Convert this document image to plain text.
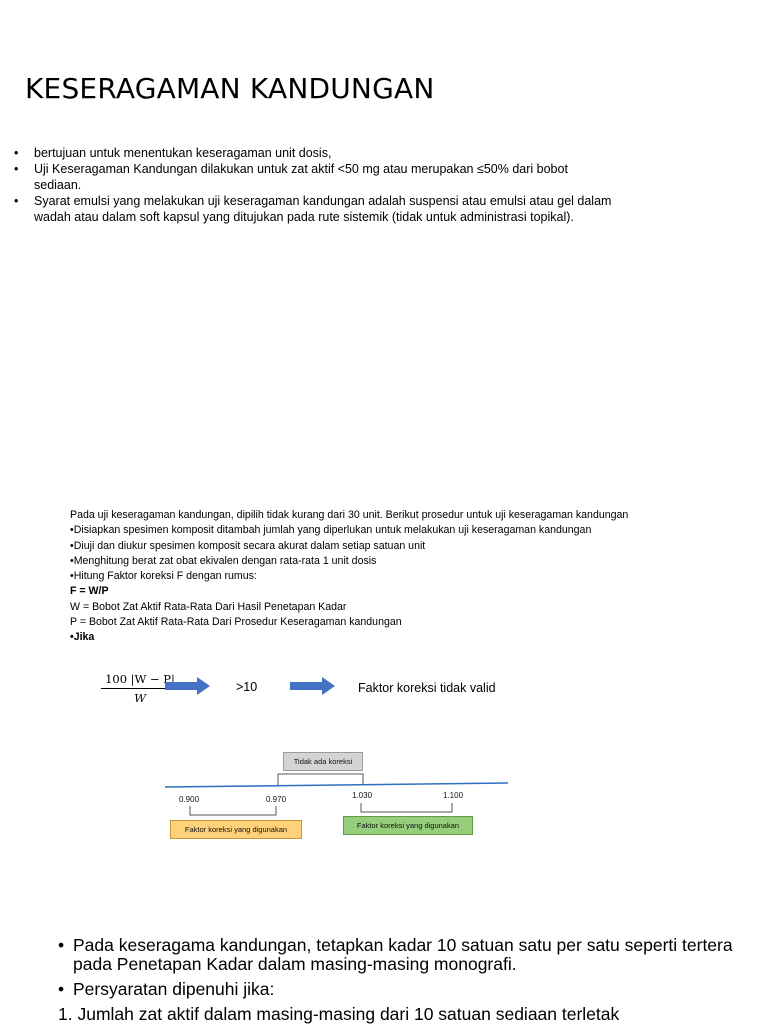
KESERAGAMAN KANDUNGAN
• bertujuan untuk menentukan keseragaman unit dosis,
• Uji Keseragaman Kandungan dilakukan untuk zat aktif <50 mg atau merupakan ≤50% dari bobot sediaan.
• Syarat emulsi yang melakukan uji keseragaman kandungan adalah suspensi atau emulsi atau gel dalam wadah atau dalam soft kapsul yang ditujukan pada rute sistemik (tidak untuk administrasi topikal).
Pada uji keseragaman kandungan, dipilih tidak kurang dari 30 unit. Berikut prosedur untuk uji keseragaman kandungan
•Disiapkan spesimen komposit ditambah jumlah yang diperlukan untuk melakukan uji keseragaman kandungan
•Diuji dan diukur spesimen komposit secara akurat dalam setiap satuan unit
•Menghitung berat zat obat ekivalen dengan rata-rata 1 unit dosis
•Hitung Faktor koreksi F dengan rumus:
F = W/P
W = Bobot Zat Aktif Rata-Rata Dari Hasil Penetapan Kadar
P = Bobot Zat Aktif Rata-Rata Dari Prosedur Keseragaman kandungan
•Jika
$\frac{100 |W - P|}{W}$	>10	Faktor koreksi tidak valid
Tidak ada koreksi
0.900	0.970	1.030	1.100
Faktor koreksi yang digunakan	Faktor koreksi yang digunakan
• Pada keseragama kandungan, tetapkan kadar 10 satuan satu per satu seperti tertera pada Penetapan Kadar dalam masing-masing monografi.
• Persyaratan dipenuhi jika:
1. Jumlah zat aktif dalam masing-masing dari 10 satuan sediaan terletak
